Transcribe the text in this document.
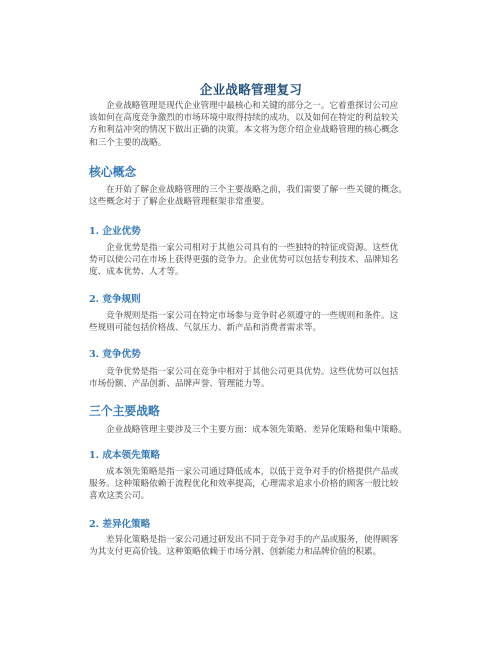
企业战略管理复习

企业战略管理是现代企业管理中最核心和关键的部分之一。它着重探讨公司应
该如何在高度竞争激烈的市场环境中取得持续的成功，以及如何在特定的利益较关
方和利益冲突的情况下做出正确的决策。本文将为您介绍企业战略管理的核心概念
和三个主要的战略。

核心概念

在开始了解企业战略管理的三个主要战略之前，我们需要了解一些关键的概念。
这些概念对于了解企业战略管理框架非常重要。

1. 企业优势

企业优势是指一家公司相对于其他公司具有的一些独特的特征或资源。这些优
势可以使公司在市场上获得更强的竞争力。企业优势可以包括专利技术、品牌知名
度、成本优势、人才等。

2. 竞争规则

竞争规则是指一家公司在特定市场参与竞争时必须遵守的一些规则和条件。这
些规则可能包括价格战、气氛压力、新产品和消费者需求等。

3. 竞争优势

竞争优势是指一家公司在竞争中相对于其他公司更具优势。这些优势可以包括
市场份额、产品创新、品牌声誉、管理能力等。

三个主要战略

企业战略管理主要涉及三个主要方面：成本领先策略、差异化策略和集中策略。

1. 成本领先策略

成本领先策略是指一家公司通过降低成本，以低于竞争对手的价格提供产品或
服务。这种策略依赖于流程优化和效率提高，心理需求追求小价格的顾客一般比较
喜欢这类公司。

2. 差异化策略

差异化策略是指一家公司通过研发出不同于竞争对手的产品或服务，使得顾客
为其支付更高价钱。这种策略依赖于市场分割、创新能力和品牌价值的积累。
